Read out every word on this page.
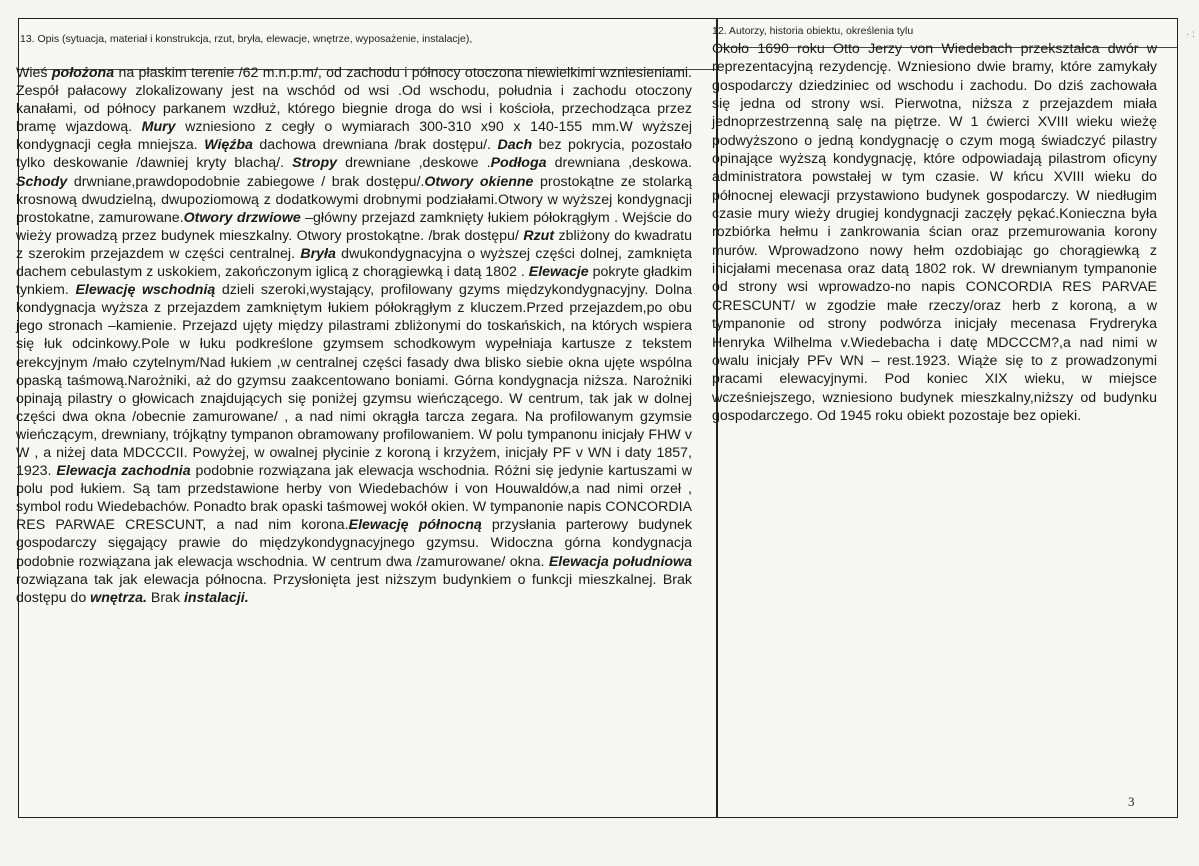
13. Opis (sytuacja, materiał i konstrukcja, rzut, bryła, elewacje, wnętrze, wyposażenie, instalacje),
12. Autorzy, historia obiektu, określenia tylu
Wieś położona na płaskim terenie /62 m.n.p.m/, od zachodu i północy otoczona niewielkimi wzniesieniami. Zespół pałacowy zlokalizowany jest na wschód od wsi .Od wschodu, południa i zachodu otoczony kanałami, od północy parkanem wzdłuż, którego biegnie droga do wsi i kościoła, przechodząca przez bramę wjazdową. Mury wzniesiono z cegły o wymiarach 300-310 x90 x 140-155 mm.W wyższej kondygnacji cegła mniejsza. Więźba dachowa drewniana /brak dostępu/. Dach bez pokrycia, pozostało tylko deskowanie /dawniej kryty blachą/. Stropy drewniane ,deskowe .Podłoga drewniana ,deskowa. Schody drwniane,prawdopodobnie zabiegowe / brak dostępu/.Otwory okienne prostokątne ze stolarką krosnową dwudzielną, dwupoziomową z dodatkowymi drobnymi podziałami.Otwory w wyższej kondygnacji prostokatne, zamurowane.Otwory drzwiowe –główny przejazd zamknięty łukiem półokrągłym . Wejście do wieży prowadzą przez budynek mieszkalny. Otwory prostokątne. /brak dostępu/ Rzut zbliżony do kwadratu z szerokim przejazdem w części centralnej. Bryła dwukondygnacyjna o wyższej części dolnej, zamknięta dachem cebulastym z uskokiem, zakończonym iglicą z chorągiewką i datą 1802 . Elewacje pokryte gładkim tynkiem. Elewację wschodnią dzieli szeroki,wystający, profilowany gzyms międzykondygnacyjny. Dolna kondygnacja wyższa z przejazdem zamkniętym łukiem półokrągłym z kluczem.Przed przejazdem,po obu jego stronach –kamienie. Przejazd ujęty między pilastrami zbliżonymi do toskańskich, na których wspiera się łuk odcinkowy.Pole w łuku podkreślone gzymsem schodkowym wypełniaja kartusze z tekstem erekcyjnym /mało czytelnym/Nad łukiem ,w centralnej części fasady dwa blisko siebie okna ujęte wspólna opaską taśmową.Narożniki, aż do gzymsu zaakcentowano boniami. Górna kondygnacja niższa. Narożniki opinają pilastry o głowicach znajdujących się poniżej gzymsu wieńczącego. W centrum, tak jak w dolnej części dwa okna /obecnie zamurowane/ , a nad nimi okrągła tarcza zegara. Na profilowanym gzymsie wieńczącym, drewniany, trójkątny tympanon obramowany profilowaniem. W polu tympanonu inicjały FHW v W , a niżej data MDCCCII. Powyżej, w owalnej płycinie z koroną i krzyżem, inicjały PF v WN i daty 1857, 1923. Elewacja zachodnia podobnie rozwiązana jak elewacja wschodnia. Różni się jedynie kartuszami w polu pod łukiem. Są tam przedstawione herby von Wiedebachów i von Houwaldów,a nad nimi orzeł , symbol rodu Wiedebachów. Ponadto brak opaski taśmowej wokół okien. W tympanonie napis CONCORDIA RES PARWAE CRESCUNT, a nad nim korona.Elewację północną przysłania parterowy budynek gospodarczy sięgający prawie do międzykondygnacyjnego gzymsu. Widoczna górna kondygnacja podobnie rozwiązana jak elewacja wschodnia. W centrum dwa /zamurowane/ okna. Elewacja południowa rozwiązana tak jak elewacja północna. Przysłonięta jest niższym budynkiem o funkcji mieszkalnej. Brak dostępu do wnętrza. Brak instalacji.

Około 1690 roku Otto Jerzy von Wiedebach przekształca dwór w reprezentacyjną rezydencję. Wzniesiono dwie bramy, które zamykały gospodarczy dziedziniec od wschodu i zachodu. Do dziś zachowała się jedna od strony wsi. Pierwotna, niższa z przejazdem miała jednoprzestrzenną salę na piętrze. W 1 ćwierci XVIII wieku wieżę podwyższono o jedną kondygnację o czym mogą świadczyć pilastry opinające wyższą kondygnację, które odpowiadają pilastrom oficyny administratora powstałej w tym czasie. W kńcu XVIII wieku do północnej elewacji przystawiono budynek gospodarczy. W niedługim czasie mury wieży drugiej kondygnacji zaczęły pękać.Konieczna była rozbiórka hełmu i zankrowania ścian oraz przemurowania korony murów. Wprowadzono nowy hełm ozdobiając go chorągiewką z inicjałami mecenasa oraz datą 1802 rok. W drewnianym tympanonie od strony wsi wprowadzo-no napis CONCORDIA RES PARVAE CRESCUNT/ w zgodzie małe rzeczy/oraz herb z koroną, a w tympanonie od strony podwórza inicjały mecenasa Frydreryka Henryka Wilhelma v.Wiedebacha i datę MDCCCM?,a nad nimi w owalu inicjały PFv WN – rest.1923. Wiąże się to z prowadzonymi pracami elewacyjnymi. Pod koniec XIX wieku, w miejsce wcześniejszego, wzniesiono budynek mieszkalny,niższy od budynku gospodarczego. Od 1945 roku obiekt pozostaje bez opieki.

3
· :
